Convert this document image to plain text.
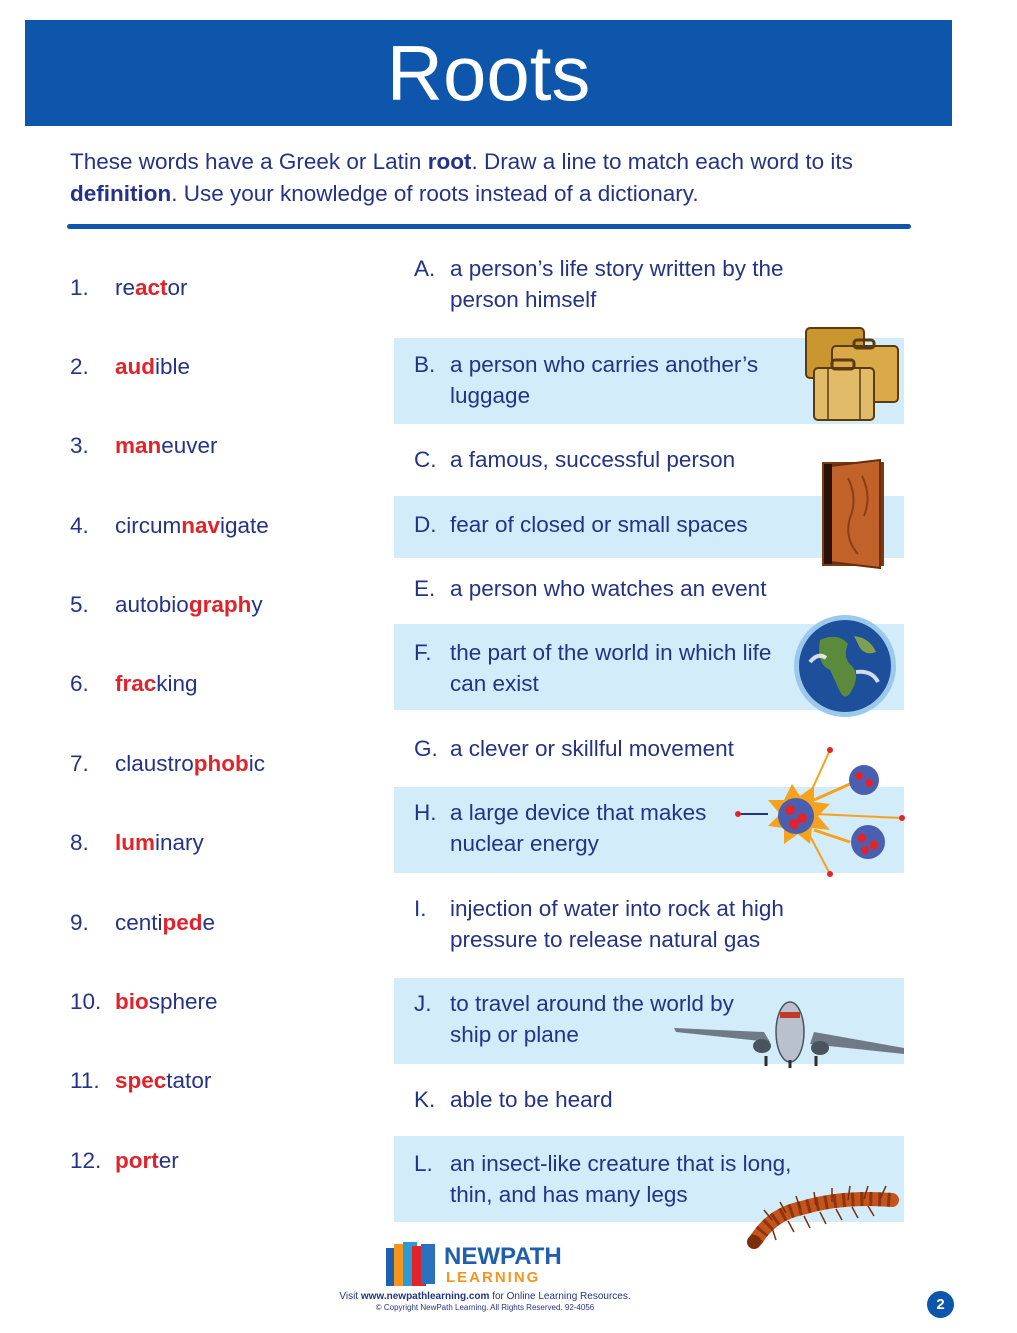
Roots
These words have a Greek or Latin root. Draw a line to match each word to its definition. Use your knowledge of roots instead of a dictionary.
1. reactor
2. audible
3. maneuver
4. circumnavigate
5. autobiography
6. fracking
7. claustrophobic
8. luminary
9. centipede
10. biosphere
11. spectator
12. porter
A. a person’s life story written by the person himself
B. a person who carries another’s luggage
C. a famous, successful person
D. fear of closed or small spaces
E. a person who watches an event
F. the part of the world in which life can exist
G. a clever or skillful movement
H. a large device that makes nuclear energy
I. injection of water into rock at high pressure to release natural gas
J. to travel around the world by ship or plane
K. able to be heard
L. an insect-like creature that is long, thin, and has many legs
NEWPATH
LEARNING
Visit www.newpathlearning.com for Online Learning Resources.
© Copyright NewPath Learning. All Rights Reserved. 92-4056	2
